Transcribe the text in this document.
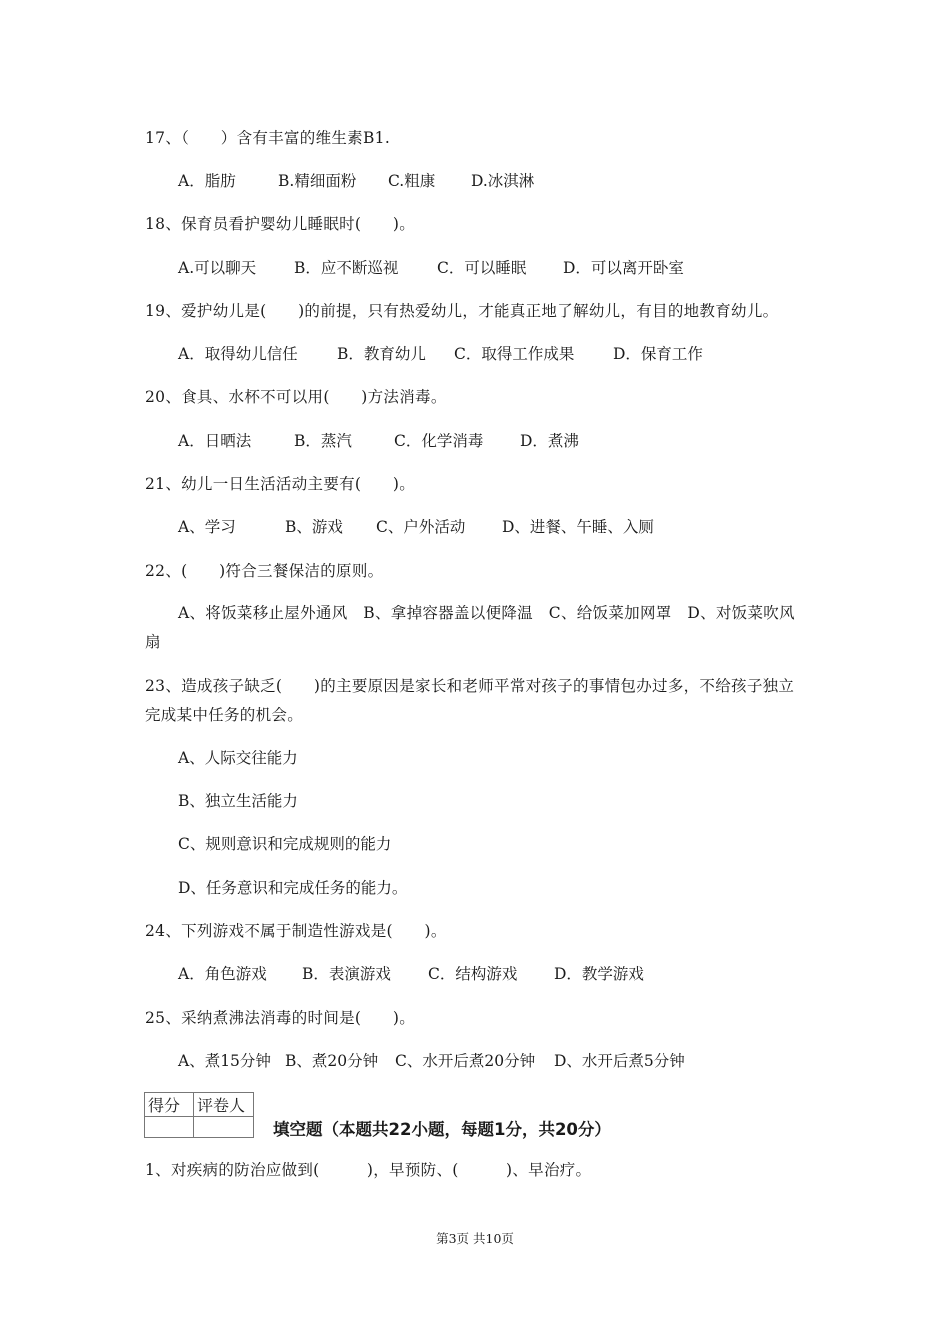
17、（　　）含有丰富的维生素B1.
A．脂肪	B.精细面粉 C.粗康 D.冰淇淋
18、保育员看护婴幼儿睡眠时(　　)。
A.可以聊天 B．应不断巡视 C．可以睡眠 D．可以离开卧室
19、爱护幼儿是(　　)的前提，只有热爱幼儿，才能真正地了解幼儿，有目的地教育幼儿。
A．取得幼儿信任	B．教育幼儿 C．取得工作成果 D．保育工作
20、食具、水杯不可以用(　　)方法消毒。
A．日晒法	B．蒸汽	C．化学消毒 D．煮沸
21、幼儿一日生活活动主要有(　　)。
A、学习	B、游戏 C、户外活动 D、进餐、午睡、入厕
22、(　　)符合三餐保洁的原则。
A、将饭菜移止屋外通风　B、拿掉容器盖以便降温　C、给饭菜加网罩　D、对饭菜吹风扇
23、造成孩子缺乏(　　)的主要原因是家长和老师平常对孩子的事情包办过多，不给孩子独立完成某中任务的机会。
A、人际交往能力
B、独立生活能力
C、规则意识和完成规则的能力
D、任务意识和完成任务的能力。
24、下列游戏不属于制造性游戏是(　　)。
A．角色游戏 B．表演游戏 C．结构游戏 D．教学游戏
25、采纳煮沸法消毒的时间是(　　)。
A、煮15分钟 B、煮20分钟 C、水开后煮20分钟 D、水开后煮5分钟
得分	评卷人

填空题（本题共22小题，每题1分，共20分）
1、对疾病的防治应做到(　　　)，早预防、(　　　)、早治疗。
第3页 共10页
